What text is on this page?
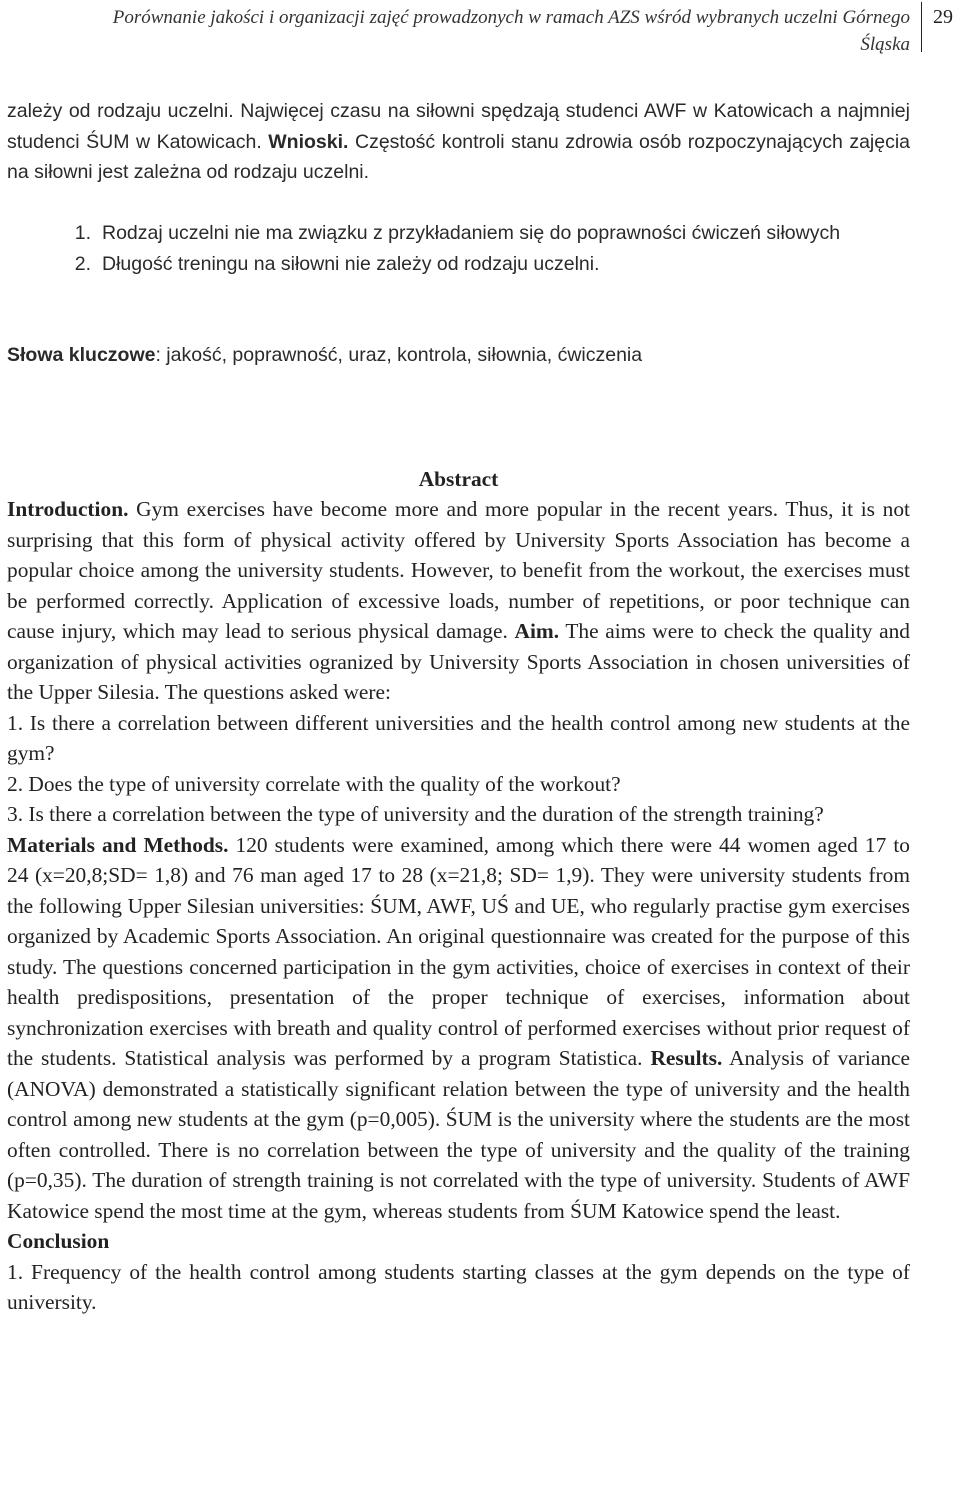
Porównanie jakości i organizacji zajęć prowadzonych w ramach AZS wśród wybranych uczelni Górnego Śląska
29
zależy od rodzaju uczelni. Najwięcej czasu na siłowni spędzają studenci AWF w Katowicach a najmniej studenci ŚUM w Katowicach. Wnioski. Częstość kontroli stanu zdrowia osób rozpoczynających zajęcia na siłowni jest zależna od rodzaju uczelni.
1. Rodzaj uczelni nie ma związku z przykładaniem się do poprawności ćwiczeń siłowych
2. Długość treningu na siłowni nie zależy od rodzaju uczelni.
Słowa kluczowe: jakość, poprawność, uraz, kontrola, siłownia, ćwiczenia
Abstract

Introduction. Gym exercises have become more and more popular in the recent years. Thus, it is not surprising that this form of physical activity offered by University Sports Association has become a popular choice among the university students. However, to benefit from the workout, the exercises must be performed correctly. Application of excessive loads, number of repetitions, or poor technique can cause injury, which may lead to serious physical damage. Aim. The aims were to check the quality and organization of physical activities ogranized by University Sports Association in chosen universities of the Upper Silesia. The questions asked were:

1. Is there a correlation between different universities and the health control among new students at the gym?

2. Does the type of university correlate with the quality of the workout?

3. Is there a correlation between the type of university and the duration of the strength training?

Materials and Methods. 120 students were examined, among which there were 44 women aged 17 to 24 (x=20,8;SD= 1,8) and 76 man aged 17 to 28 (x=21,8; SD= 1,9). They were university students from the following Upper Silesian universities: ŚUM, AWF, UŚ and UE, who regularly practise gym exercises organized by Academic Sports Association. An original questionnaire was created for the purpose of this study. The questions concerned participation in the gym activities, choice of exercises in context of their health predispositions, presentation of the proper technique of exercises, information about synchronization exercises with breath and quality control of performed exercises without prior request of the students. Statistical analysis was performed by a program Statistica. Results. Analysis of variance (ANOVA) demonstrated a statistically significant relation between the type of university and the health control among new students at the gym (p=0,005). ŚUM is the university where the students are the most often controlled. There is no correlation between the type of university and the quality of the training (p=0,35). The duration of strength training is not correlated with the type of university. Students of AWF Katowice spend the most time at the gym, whereas students from ŚUM Katowice spend the least.

Conclusion

1. Frequency of the health control among students starting classes at the gym depends on the type of university.
